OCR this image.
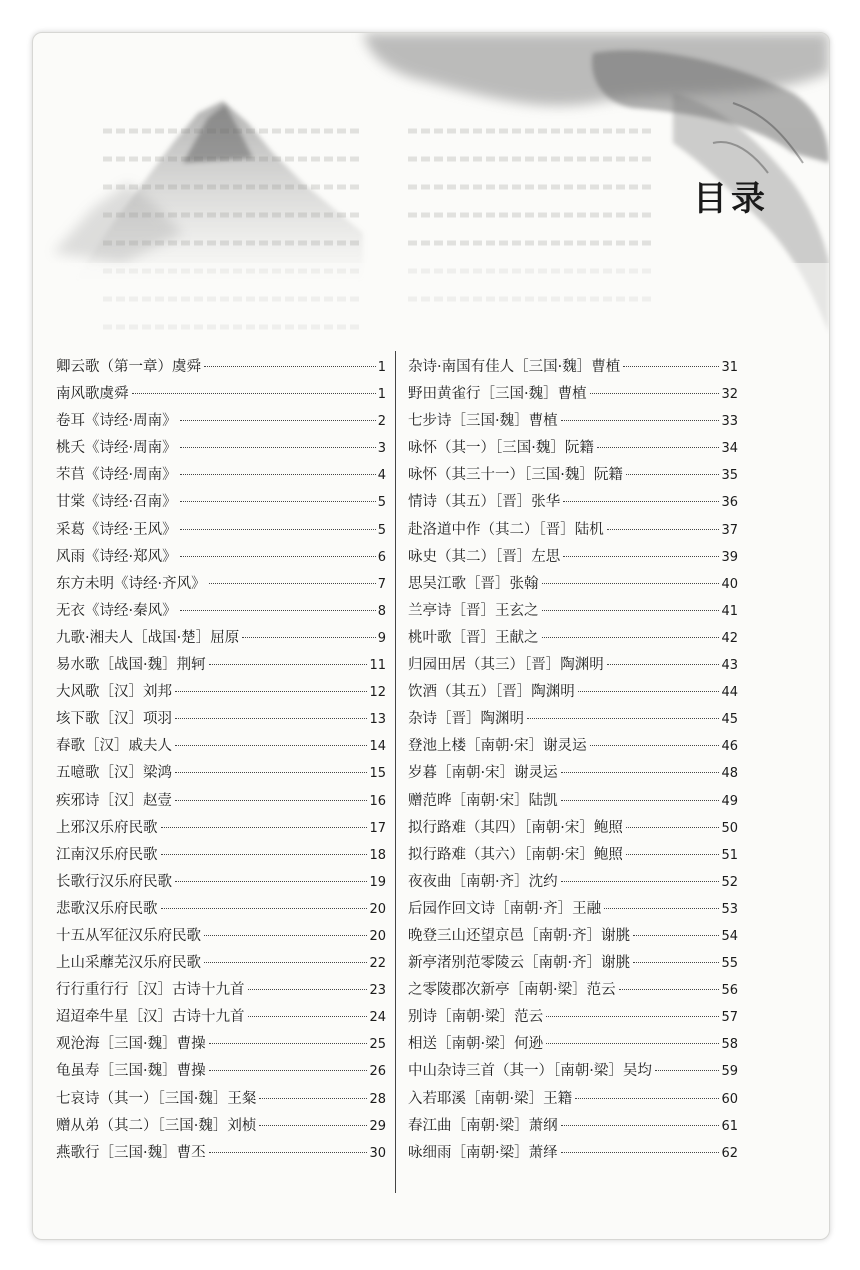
目录
卿云歌（第一章）虞舜	1
南风歌虞舜	1
卷耳《诗经·周南》	2
桃夭《诗经·周南》	3
芣苢《诗经·周南》	4
甘棠《诗经·召南》	5
采葛《诗经·王风》	5
风雨《诗经·郑风》	6
东方未明《诗经·齐风》	7
无衣《诗经·秦风》	8
九歌·湘夫人［战国·楚］屈原	9
易水歌［战国·魏］荆轲	11
大风歌［汉］刘邦	12
垓下歌［汉］项羽	13
春歌［汉］戚夫人	14
五噫歌［汉］梁鸿	15
疾邪诗［汉］赵壹	16
上邪汉乐府民歌	17
江南汉乐府民歌	18
长歌行汉乐府民歌	19
悲歌汉乐府民歌	20
十五从军征汉乐府民歌	20
上山采蘼芜汉乐府民歌	22
行行重行行［汉］古诗十九首	23
迢迢牵牛星［汉］古诗十九首	24
观沧海［三国·魏］曹操	25
龟虽寿［三国·魏］曹操	26
七哀诗（其一）［三国·魏］王粲	28
赠从弟（其二）［三国·魏］刘桢	29
燕歌行［三国·魏］曹丕	30
杂诗·南国有佳人［三国·魏］曹植	31
野田黄雀行［三国·魏］曹植	32
七步诗［三国·魏］曹植	33
咏怀（其一）［三国·魏］阮籍	34
咏怀（其三十一）［三国·魏］阮籍	35
情诗（其五）［晋］张华	36
赴洛道中作（其二）［晋］陆机	37
咏史（其二）［晋］左思	39
思吴江歌［晋］张翰	40
兰亭诗［晋］王玄之	41
桃叶歌［晋］王献之	42
归园田居（其三）［晋］陶渊明	43
饮酒（其五）［晋］陶渊明	44
杂诗［晋］陶渊明	45
登池上楼［南朝·宋］谢灵运	46
岁暮［南朝·宋］谢灵运	48
赠范晔［南朝·宋］陆凯	49
拟行路难（其四）［南朝·宋］鲍照	50
拟行路难（其六）［南朝·宋］鲍照	51
夜夜曲［南朝·齐］沈约	52
后园作回文诗［南朝·齐］王融	53
晚登三山还望京邑［南朝·齐］谢朓	54
新亭渚别范零陵云［南朝·齐］谢朓	55
之零陵郡次新亭［南朝·梁］范云	56
别诗［南朝·梁］范云	57
相送［南朝·梁］何逊	58
中山杂诗三首（其一）［南朝·梁］吴均	59
入若耶溪［南朝·梁］王籍	60
春江曲［南朝·梁］萧纲	61
咏细雨［南朝·梁］萧绎	62
